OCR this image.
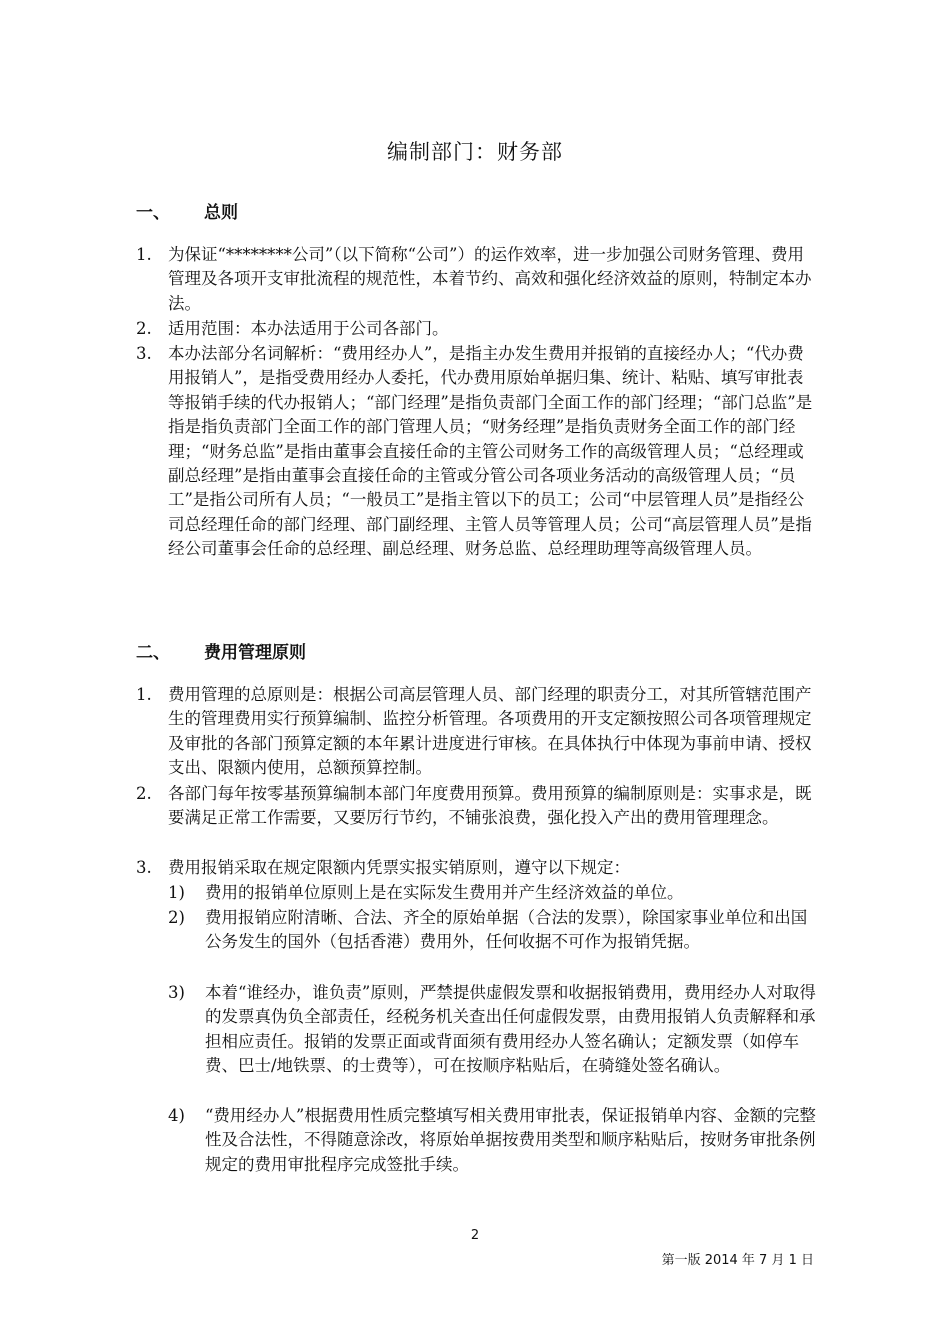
编制部门：财务部
一、 总则
1. 为保证“********公司”（以下简称“公司”）的运作效率，进一步加强公司财务管理、费用管理及各项开支审批流程的规范性，本着节约、高效和强化经济效益的原则，特制定本办法。
2. 适用范围：本办法适用于公司各部门。
3. 本办法部分名词解析：“费用经办人”，是指主办发生费用并报销的直接经办人；“代办费用报销人”，是指受费用经办人委托，代办费用原始单据归集、统计、粘贴、填写审批表等报销手续的代办报销人；“部门经理”是指负责部门全面工作的部门经理；“部门总监”是指是指负责部门全面工作的部门管理人员；“财务经理”是指负责财务全面工作的部门经理；“财务总监”是指由董事会直接任命的主管公司财务工作的高级管理人员；“总经理或副总经理”是指由董事会直接任命的主管或分管公司各项业务活动的高级管理人员；“员工”是指公司所有人员；“一般员工”是指主管以下的员工；公司“中层管理人员”是指经公司总经理任命的部门经理、部门副经理、主管人员等管理人员；公司“高层管理人员”是指经公司董事会任命的总经理、副总经理、财务总监、总经理助理等高级管理人员。
二、 费用管理原则
1. 费用管理的总原则是：根据公司高层管理人员、部门经理的职责分工，对其所管辖范围产生的管理费用实行预算编制、监控分析管理。各项费用的开支定额按照公司各项管理规定及审批的各部门预算定额的本年累计进度进行审核。在具体执行中体现为事前申请、授权支出、限额内使用，总额预算控制。
2. 各部门每年按零基预算编制本部门年度费用预算。费用预算的编制原则是：实事求是，既要满足正常工作需要，又要厉行节约，不铺张浪费，强化投入产出的费用管理理念。
3. 费用报销采取在规定限额内凭票实报实销原则，遵守以下规定：
1)	费用的报销单位原则上是在实际发生费用并产生经济效益的单位。
2)	费用报销应附清晰、合法、齐全的原始单据（合法的发票），除国家事业单位和出国公务发生的国外（包括香港）费用外，任何收据不可作为报销凭据。
3)	本着“谁经办，谁负责”原则，严禁提供虚假发票和收据报销费用，费用经办人对取得的发票真伪负全部责任，经税务机关查出任何虚假发票，由费用报销人负责解释和承担相应责任。报销的发票正面或背面须有费用经办人签名确认；定额发票（如停车费、巴士/地铁票、的士费等），可在按顺序粘贴后，在骑缝处签名确认。
4)	“费用经办人”根据费用性质完整填写相关费用审批表，保证报销单内容、金额的完整性及合法性，不得随意涂改，将原始单据按费用类型和顺序粘贴后，按财务审批条例规定的费用审批程序完成签批手续。
2
第一版 2014 年 7 月 1 日
